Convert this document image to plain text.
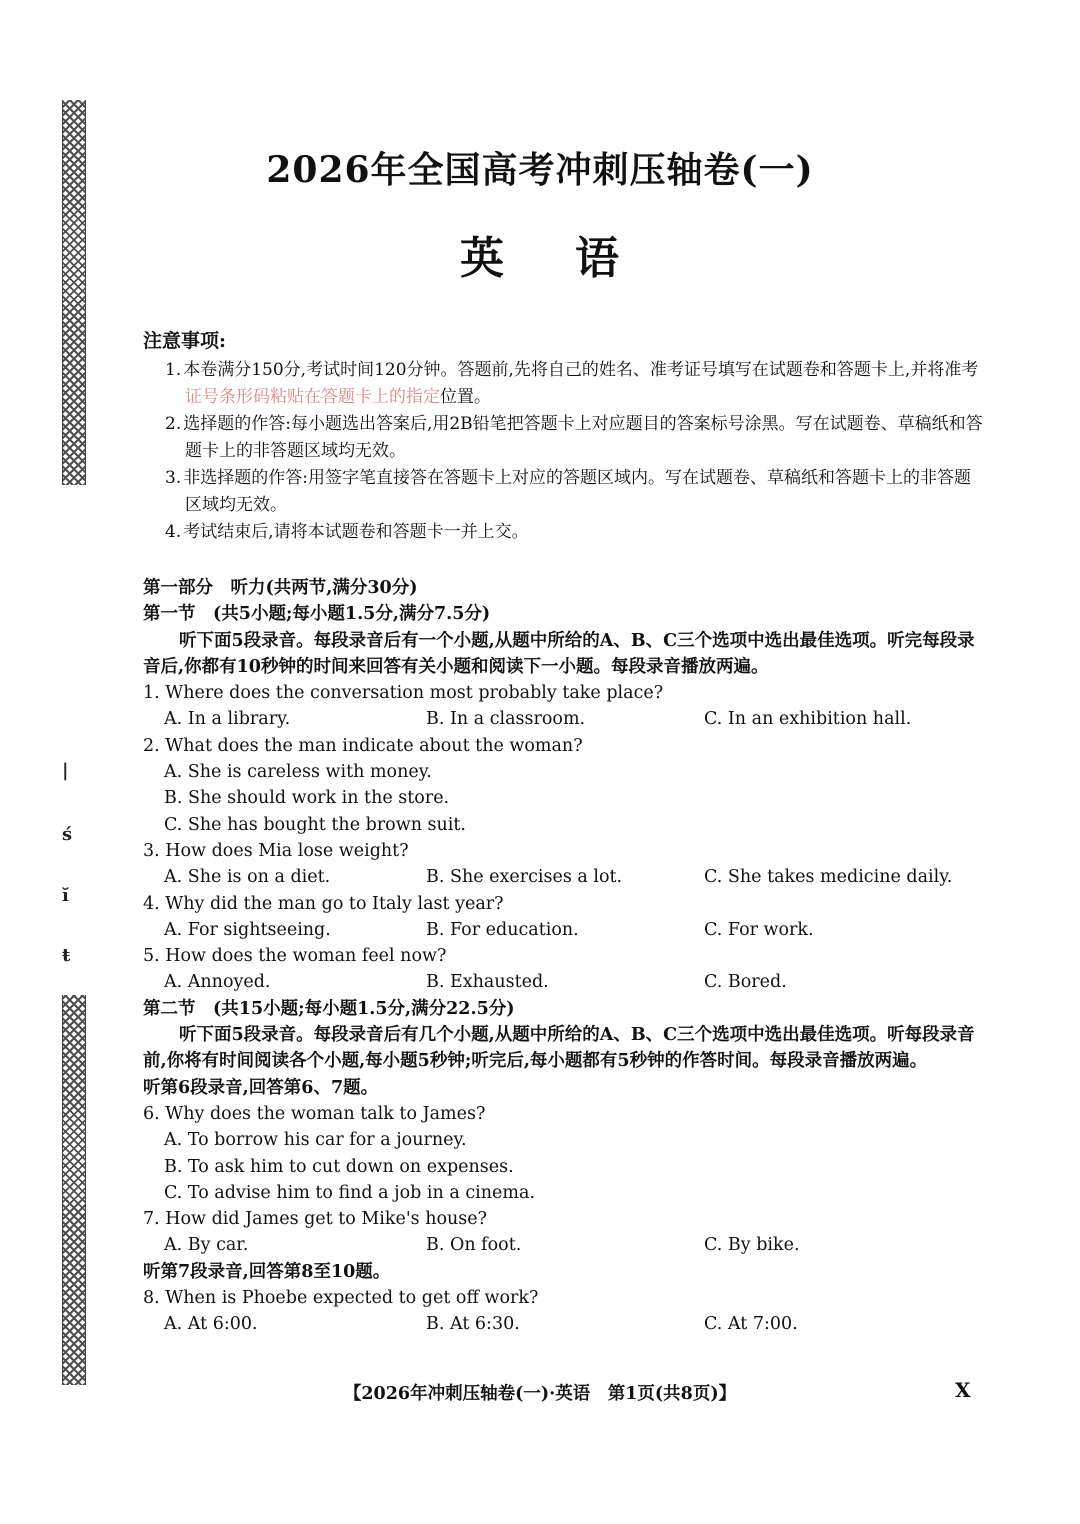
|
ś
ĭ
ŧ
2026年全国高考冲刺压轴卷(一)
英 语
注意事项:
1. 本卷满分150分,考试时间120分钟。答题前,先将自己的姓名、准考证号填写在试题卷和答题卡上,并将准考证号条形码粘贴在答题卡上的指定位置。
2. 选择题的作答:每小题选出答案后,用2B铅笔把答题卡上对应题目的答案标号涂黑。写在试题卷、草稿纸和答题卡上的非答题区域均无效。
3. 非选择题的作答:用签字笔直接答在答题卡上对应的答题区域内。写在试题卷、草稿纸和答题卡上的非答题区域均无效。
4. 考试结束后,请将本试题卷和答题卡一并上交。
第一部分　听力(共两节,满分30分)
第一节　(共5小题;每小题1.5分,满分7.5分)
听下面5段录音。每段录音后有一个小题,从题中所给的A、B、C三个选项中选出最佳选项。听完每段录音后,你都有10秒钟的时间来回答有关小题和阅读下一小题。每段录音播放两遍。
1. Where does the conversation most probably take place?
A. In a library.	B. In a classroom.	C. In an exhibition hall.
2. What does the man indicate about the woman?
A. She is careless with money.
B. She should work in the store.
C. She has bought the brown suit.
3. How does Mia lose weight?
A. She is on a diet.	B. She exercises a lot.	C. She takes medicine daily.
4. Why did the man go to Italy last year?
A. For sightseeing.	B. For education.	C. For work.
5. How does the woman feel now?
A. Annoyed.	B. Exhausted.	C. Bored.
第二节　(共15小题;每小题1.5分,满分22.5分)
听下面5段录音。每段录音后有几个小题,从题中所给的A、B、C三个选项中选出最佳选项。听每段录音前,你将有时间阅读各个小题,每小题5秒钟;听完后,每小题都有5秒钟的作答时间。每段录音播放两遍。
听第6段录音,回答第6、7题。
6. Why does the woman talk to James?
A. To borrow his car for a journey.
B. To ask him to cut down on expenses.
C. To advise him to find a job in a cinema.
7. How did James get to Mike's house?
A. By car.	B. On foot.	C. By bike.
听第7段录音,回答第8至10题。
8. When is Phoebe expected to get off work?
A. At 6:00.	B. At 6:30.	C. At 7:00.
【2026年冲刺压轴卷(一)·英语　第1页(共8页)】	X
